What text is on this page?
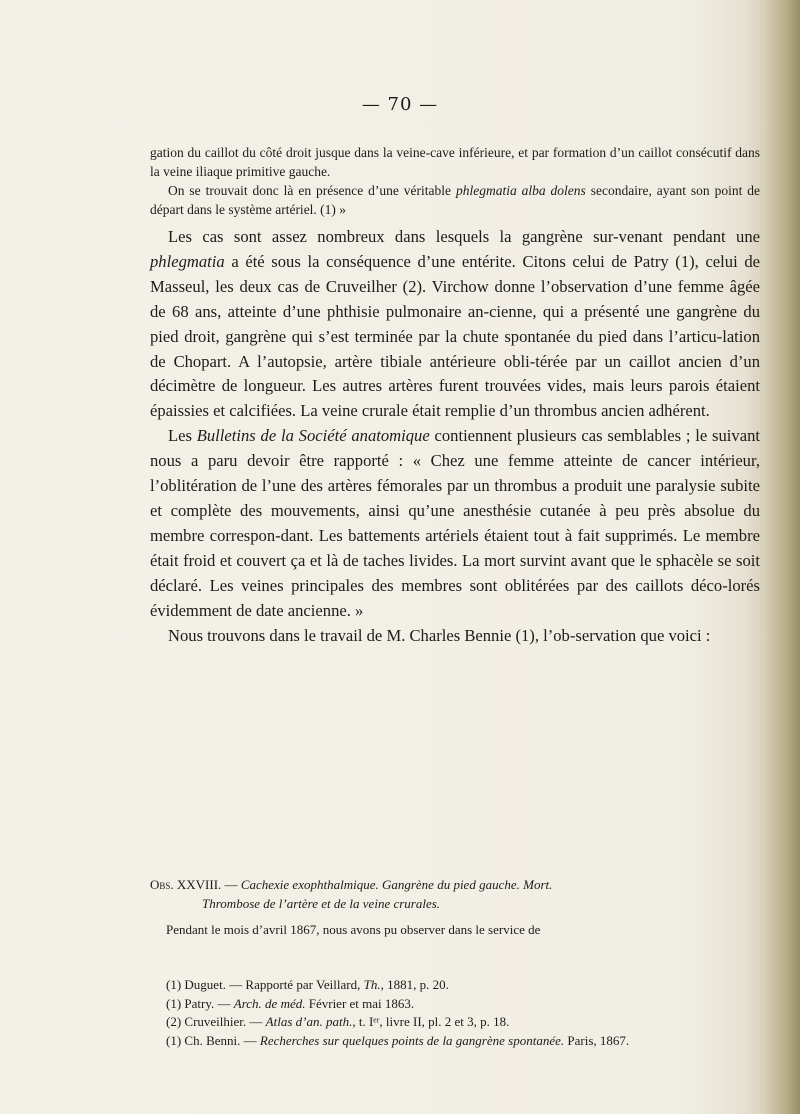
— 70 —

gation du caillot du côté droit jusque dans la veine-cave inférieure, et par formation d’un caillot consécutif dans la veine iliaque primitive gauche.

On se trouvait donc là en présence d’une véritable phlegmatia alba dolens secondaire, ayant son point de départ dans le système artériel. (1) »

Les cas sont assez nombreux dans lesquels la gangrène sur-venant pendant une phlegmatia a été sous la conséquence d’une entérite. Citons celui de Patry (1), celui de Masseul, les deux cas de Cruveilher (2). Virchow donne l’observation d’une femme âgée de 68 ans, atteinte d’une phthisie pulmonaire an-cienne, qui a présenté une gangrène du pied droit, gangrène qui s’est terminée par la chute spontanée du pied dans l’articu-lation de Chopart. A l’autopsie, artère tibiale antérieure obli-térée par un caillot ancien d’un décimètre de longueur. Les autres artères furent trouvées vides, mais leurs parois étaient épaissies et calcifiées. La veine crurale était remplie d’un thrombus ancien adhérent.

Les Bulletins de la Société anatomique contiennent plusieurs cas semblables ; le suivant nous a paru devoir être rapporté : « Chez une femme atteinte de cancer intérieur, l’oblitération de l’une des artères fémorales par un thrombus a produit une paralysie subite et complète des mouvements, ainsi qu’une anesthésie cutanée à peu près absolue du membre correspon-dant. Les battements artériels étaient tout à fait supprimés. Le membre était froid et couvert ça et là de taches livides. La mort survint avant que le sphacèle se soit déclaré. Les veines principales des membres sont oblitérées par des caillots déco-lorés évidemment de date ancienne. »

Nous trouvons dans le travail de M. Charles Bennie (1), l’ob-servation que voici :

Obs. XXVIII. — Cachexie exophthalmique. Gangrène du pied gauche. Mort.

Thrombose de l’artère et de la veine crurales.

Pendant le mois d’avril 1867, nous avons pu observer dans le service de

(1) Duguet. — Rapporté par Veillard, Th., 1881, p. 20.

(1) Patry. — Arch. de méd. Février et mai 1863.

(2) Cruveilhier. — Atlas d’an. path., t. Iᵉʳ, livre II, pl. 2 et 3, p. 18.

(1) Ch. Benni. — Recherches sur quelques points de la gangrène spontanée. Paris, 1867.
